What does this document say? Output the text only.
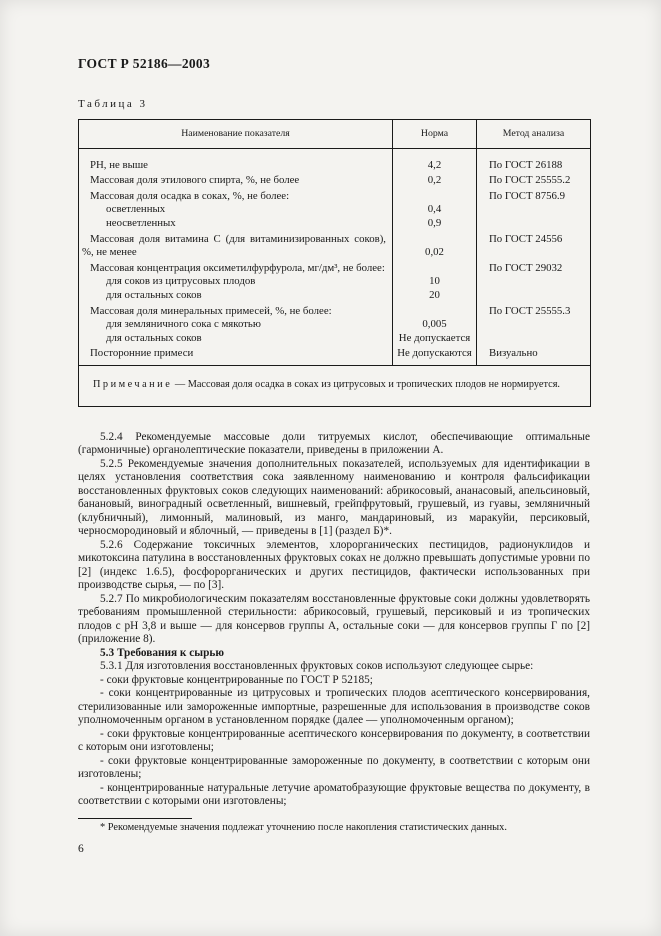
ГОСТ Р 52186—2003

Таблица 3

Наименование показателя	Норма	Метод анализа
РН, не выше	4,2	По ГОСТ 26188
Массовая доля этилового спирта, %, не более	0,2	По ГОСТ 25555.2
Массовая доля осадка в соках, %, не более:		По ГОСТ 8756.9
осветленных	0,4	
неосветленных	0,9	
Массовая доля витамина С (для витаминизированных соков), %, не менее	0,02	По ГОСТ 24556
Массовая концентрация оксиметилфурфурола, мг/дм³, не более:		По ГОСТ 29032
для соков из цитрусовых плодов	10	
для остальных соков	20	
Массовая доля минеральных примесей, %, не более:		По ГОСТ 25555.3
для земляничного сока с мякотью	0,005	
для остальных соков	Не допускается	
Посторонние примеси	Не допускаются	Визуально

Примечание — Массовая доля осадка в соках из цитрусовых и тропических плодов не нормируется.		

5.2.4 Рекомендуемые массовые доли титруемых кислот, обеспечивающие оптимальные (гармоничные) органолептические показатели, приведены в приложении А.

5.2.5 Рекомендуемые значения дополнительных показателей, используемых для идентификации в целях установления соответствия сока заявленному наименованию и контроля фальсификации восстановленных фруктовых соков следующих наименований: абрикосовый, ананасовый, апельсиновый, банановый, виноградный осветленный, вишневый, грейпфрутовый, грушевый, из гуавы, земляничный (клубничный), лимонный, малиновый, из манго, мандариновый, из маракуйи, персиковый, черносмородиновый и яблочный, — приведены в [1] (раздел Б)*.

5.2.6 Содержание токсичных элементов, хлорорганических пестицидов, радионуклидов и микотоксина патулина в восстановленных фруктовых соках не должно превышать допустимые уровни по [2] (индекс 1.6.5), фосфорорганических и других пестицидов, фактически использованных при производстве сырья, — по [3].

5.2.7 По микробиологическим показателям восстановленные фруктовые соки должны удовлетворять требованиям промышленной стерильности: абрикосовый, грушевый, персиковый и из тропических плодов с рН 3,8 и выше — для консервов группы А, остальные соки — для консервов группы Г по [2] (приложение 8).

5.3 Требования к сырью

5.3.1 Для изготовления восстановленных фруктовых соков используют следующее сырье:

- соки фруктовые концентрированные по ГОСТ Р 52185;

- соки концентрированные из цитрусовых и тропических плодов асептического консервирования, стерилизованные или замороженные импортные, разрешенные для использования в производстве соков уполномоченным органом в установленном порядке (далее — уполномоченным органом);

- соки фруктовые концентрированные асептического консервирования по документу, в соответствии с которым они изготовлены;

- соки фруктовые концентрированные замороженные по документу, в соответствии с которым они изготовлены;

- концентрированные натуральные летучие ароматобразующие фруктовые вещества по документу, в соответствии с которыми они изготовлены;

* Рекомендуемые значения подлежат уточнению после накопления статистических данных.

6
